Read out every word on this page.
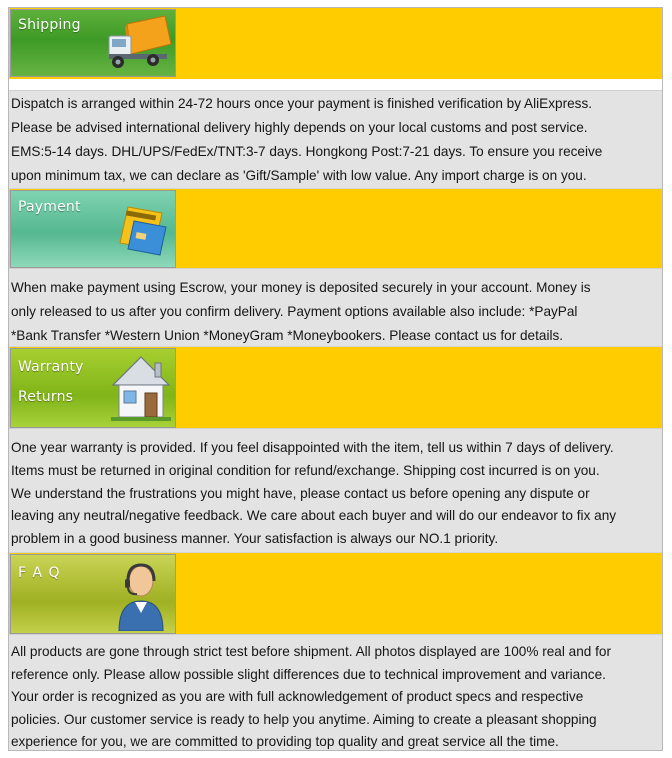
Shipping

Dispatch is arranged within 24-72 hours once your payment is finished verification by AliExpress.

Please be advised international delivery highly depends on your local customs and post service.

EMS:5-14 days. DHL/UPS/FedEx/TNT:3-7 days. Hongkong Post:7-21 days. To ensure you receive

upon minimum tax, we can declare as 'Gift/Sample' with low value. Any import charge is on you.

Payment

When make payment using Escrow, your money is deposited securely in your account. Money is

only released to us after you confirm delivery. Payment options available also include: *PayPal

*Bank Transfer *Western Union *MoneyGram *Moneybookers. Please contact us for details.

Warranty
Returns

One year warranty is provided. If you feel disappointed with the item, tell us within 7 days of delivery.

Items must be returned in original condition for refund/exchange. Shipping cost incurred is on you.

We understand the frustrations you might have, please contact us before opening any dispute or

leaving any neutral/negative feedback. We care about each buyer and will do our endeavor to fix any

problem in a good business manner. Your satisfaction is always our NO.1 priority.

F A Q

All products are gone through strict test before shipment. All photos displayed are 100% real and for

reference only. Please allow possible slight differences due to technical improvement and variance.

Your order is recognized as you are with full acknowledgement of product specs and respective

policies. Our customer service is ready to help you anytime. Aiming to create a pleasant shopping

experience for you, we are committed to providing top quality and great service all the time.
